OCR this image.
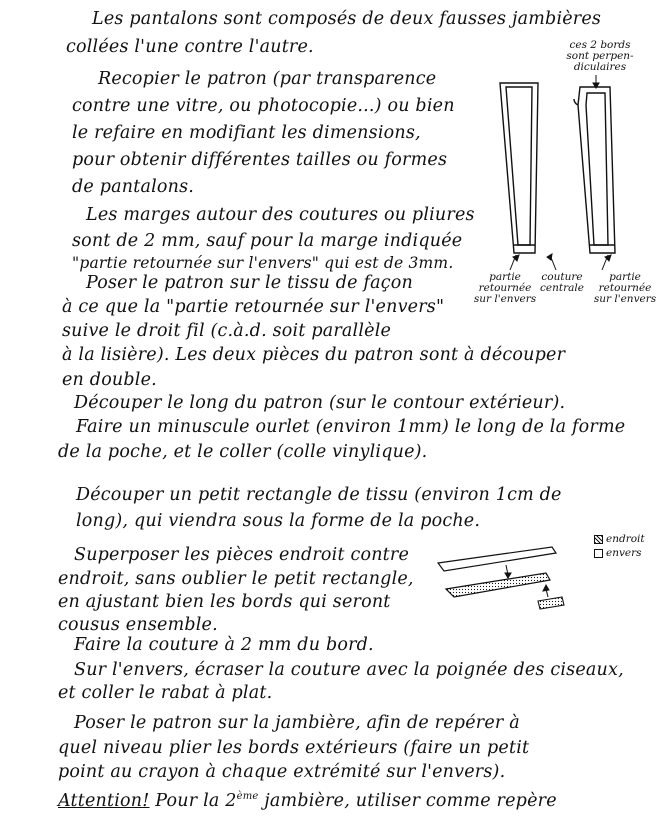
Les pantalons sont composés de deux fausses jambières
collées l'une contre l'autre.
Recopier le patron (par transparence
contre une vitre, ou photocopie...) ou bien
le refaire en modifiant les dimensions,
pour obtenir différentes tailles ou formes
de pantalons.
Les marges autour des coutures ou pliures
sont de 2 mm, sauf pour la marge indiquée
"partie retournée sur l'envers" qui est de 3mm.
Poser le patron sur le tissu de façon
à ce que la "partie retournée sur l'envers"
suive le droit fil (c.à.d. soit parallèle
à la lisière). Les deux pièces du patron sont à découper
en double.
Découper le long du patron (sur le contour extérieur).
Faire un minuscule ourlet (environ 1mm) le long de la forme
de la poche, et le coller (colle vinylique).
Découper un petit rectangle de tissu (environ 1cm de
long), qui viendra sous la forme de la poche.
Superposer les pièces endroit contre
endroit, sans oublier le petit rectangle,
en ajustant bien les bords qui seront
cousus ensemble.
Faire la couture à 2 mm du bord.
Sur l'envers, écraser la couture avec la poignée des ciseaux,
et coller le rabat à plat.
Poser le patron sur la jambière, afin de repérer à
quel niveau plier les bords extérieurs (faire un petit
point au crayon à chaque extrémité sur l'envers).
Attention! Pour la 2ème jambière, utiliser comme repère
ces 2 bords
sont perpen-
diculaires
partie
retournée
sur l'envers
couture
centrale
partie
retournée
sur l'envers
endroit
envers
